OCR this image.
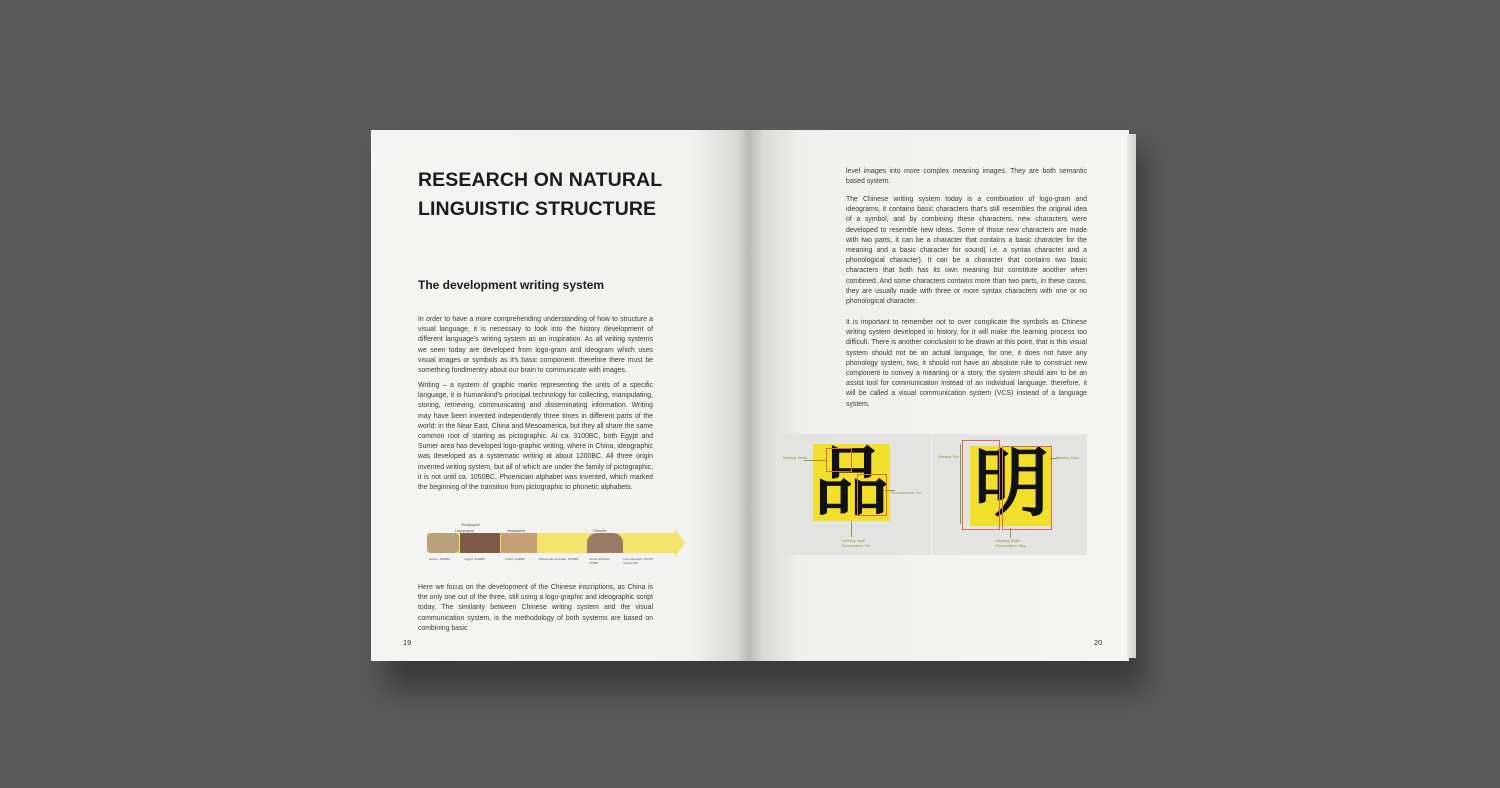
RESEARCH ON NATURAL LINGUISTIC STRUCTURE
The development writing system
In order to have a more comprehending understanding of how to structure a visual language, it is necessary to look into the history development of different language's writing system as an inspiration. As all writing systems we seen today are developed from logo-gram and ideogram which uses visual images or symbols as it's basic component. therefore there must be something fondimentry about our brain to communicate with images.
Writing – a system of graphic marks representing the units of a specific language, it is humankind's principal technology for collecting, manipulating, storing, retrieving, communicating and disseminating information. Writing may have been invented independently three times in different parts of the world: in the Near East, China and Mesoamerica, but they all share the same common root of starting as pictographic. At ca. 3100BC, both Egypt and Sumer area has developed logo-graphic writing, where in China, ideographic was developed as a systematic writing at about 1200BC. All three origin invented writing system, but all of which are under the family of pictographic, it is not until ca. 1050BC, Phoenician alphabet was invented, which marked the beginning of the transition from pictographic to phonetic alphabets.
Pictographic
Logographic	Ideographic	Phonetic
Sumer, 3100BC	Egypt, 3100BC	China, 1200BC	Phoenician alphabet, 1050BC	Greek alphabet, 775BC
Latin alphabet, 7th-5th century BC
Here we focus on the development of the Chinese inscriptions, as China is the only one out of the three, still using a logo-graphic and ideographic script today. The similarity between Chinese writing system and the visual communication system, is the methodology of both systems are based on combining basic
19
level images into more complex meaning images. They are both semantic based system.
The Chinese writing system today is a combination of logo-gram and ideograms, it contains basic characters that's still resembles the original idea of a symbol, and by combining these characters, new characters were developed to resemble new ideas. Some of those new characters are made with two parts, it can be a character that contains a basic character for the meaning and a basic character for sound( i.e. a syntax character and a phonological character). It can be a character that contains two basic characters that both has its own meaning but constitute another when combined. And some characters contains more than two parts, in these cases, they are usually made with three or more syntax characters with one or no phonological character.
It is important to remember not to over complicate the symbols as Chinese writing system developed in history, for it will make the learning process too difficult. There is another conclusion to be drawn at this point, that is this visual system should not be an actual language, for one, it does not have any phonology system, two, it should not have an absolute rule to construct new component to convey a meaning or a story, the system should aim to be an assist tool for communication instead of an individual language. therefore, it will be called a visual communication system (VCS) instead of a language system.
品
Meaning: Mouth
Phonosemantic: Inn
Meaning: Taste
Pronunciation: Pin
明
Meaning: Sun	Meaning: Moon
Meaning: Bright
Pronunciation: Ming
20
